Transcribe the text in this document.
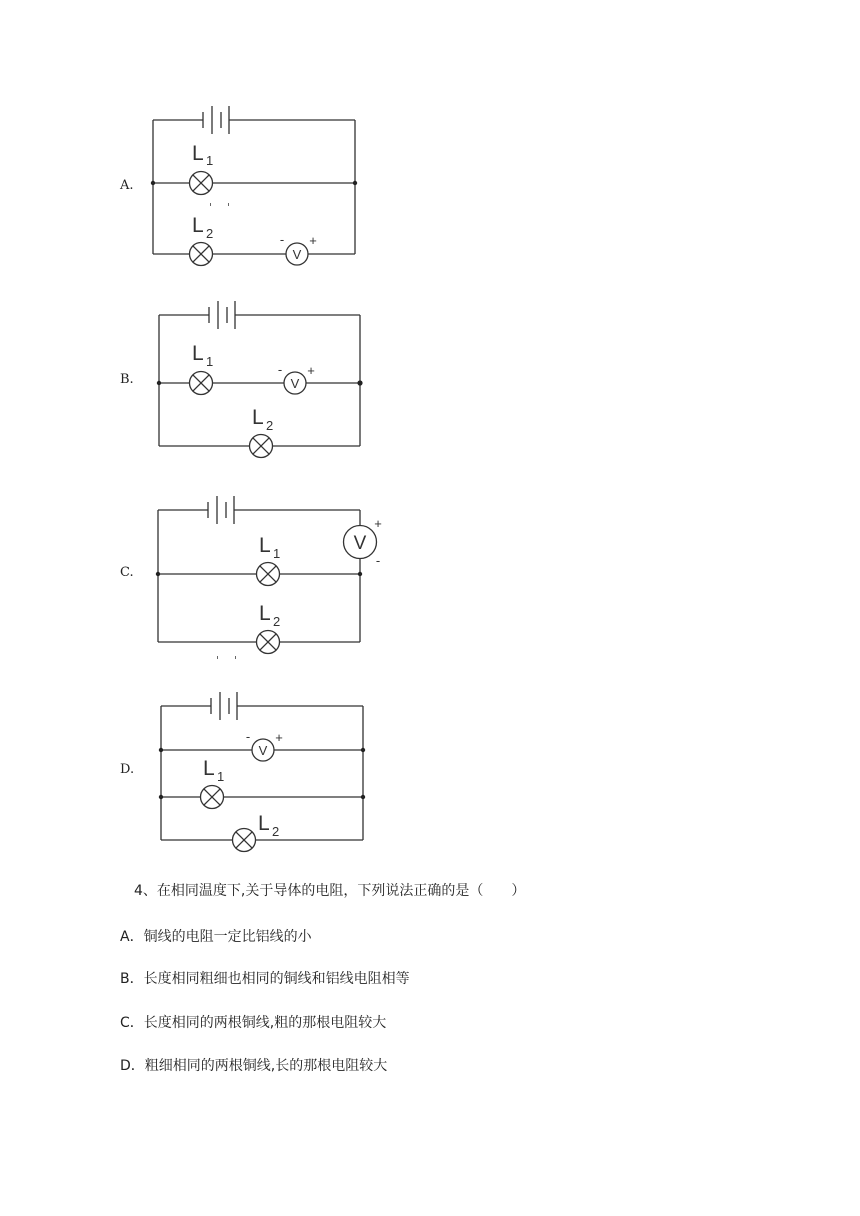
A.
V
- +
L 1
L 2
B.	V
- +
L 1
L 2
C.
V
+
-
L 1
L 2
D.
V
- +
L 1
L 2
4、在相同温度下,关于导体的电阻，下列说法正确的是（　　）
A．铜线的电阻一定比铝线的小
B．长度相同粗细也相同的铜线和铝线电阻相等
C．长度相同的两根铜线,粗的那根电阻较大
D．粗细相同的两根铜线,长的那根电阻较大
